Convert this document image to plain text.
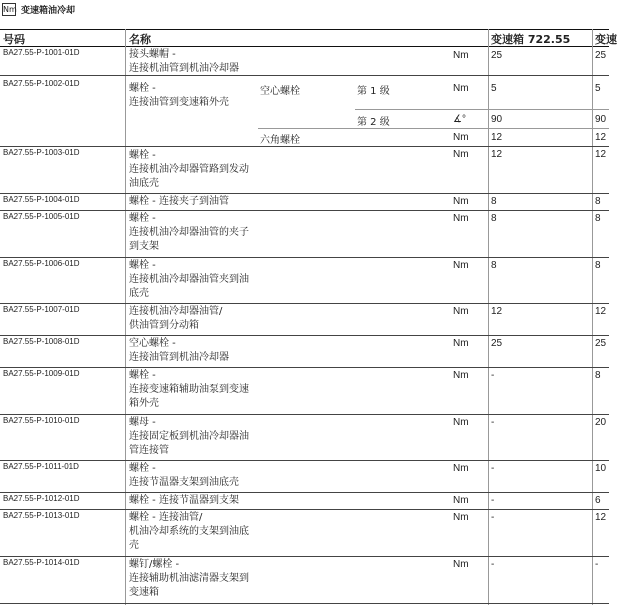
Nm 变速箱油冷却
号码	名称	变速箱 722.55 变速
BA27.55-P-1001-01D	接头螺帽 -
连接机油管到机油冷却器
Nm 25	25
BA27.55-P-1002-01D	螺栓 -
连接油管到变速箱外壳
空心螺栓	第 1 级	Nm 5	5
第 2 级	∡°	90	90
六角螺栓	Nm 12	12
BA27.55-P-1003-01D	螺栓 -
连接机油冷却器管路到发动
油底壳
Nm 12	12
BA27.55-P-1004-01D	螺栓 - 连接夹子到油管	Nm 8	8
BA27.55-P-1005-01D	螺栓 -
连接机油冷却器油管的夹子
到支架
Nm 8	8
BA27.55-P-1006-01D	螺栓 -
连接机油冷却器油管夹到油
底壳
Nm 8	8
BA27.55-P-1007-01D	连接机油冷却器油管/
供油管到分动箱
Nm 12	12
BA27.55-P-1008-01D	空心螺栓 -
连接油管到机油冷却器
Nm 25	25
BA27.55-P-1009-01D	螺栓 -
连接变速箱辅助油泵到变速
箱外壳
Nm -	8
BA27.55-P-1010-01D	螺母 -
连接固定板到机油冷却器油
管连接管
Nm -	20
BA27.55-P-1011-01D	螺栓 -
连接节温器支架到油底壳
Nm -	10
BA27.55-P-1012-01D	螺栓 - 连接节温器到支架	Nm -	6
BA27.55-P-1013-01D	螺栓 - 连接油管/
机油冷却系统的支架到油底
壳
Nm -	12
BA27.55-P-1014-01D	螺钉/螺栓 -
连接辅助机油滤清器支架到
变速箱
Nm -	-
